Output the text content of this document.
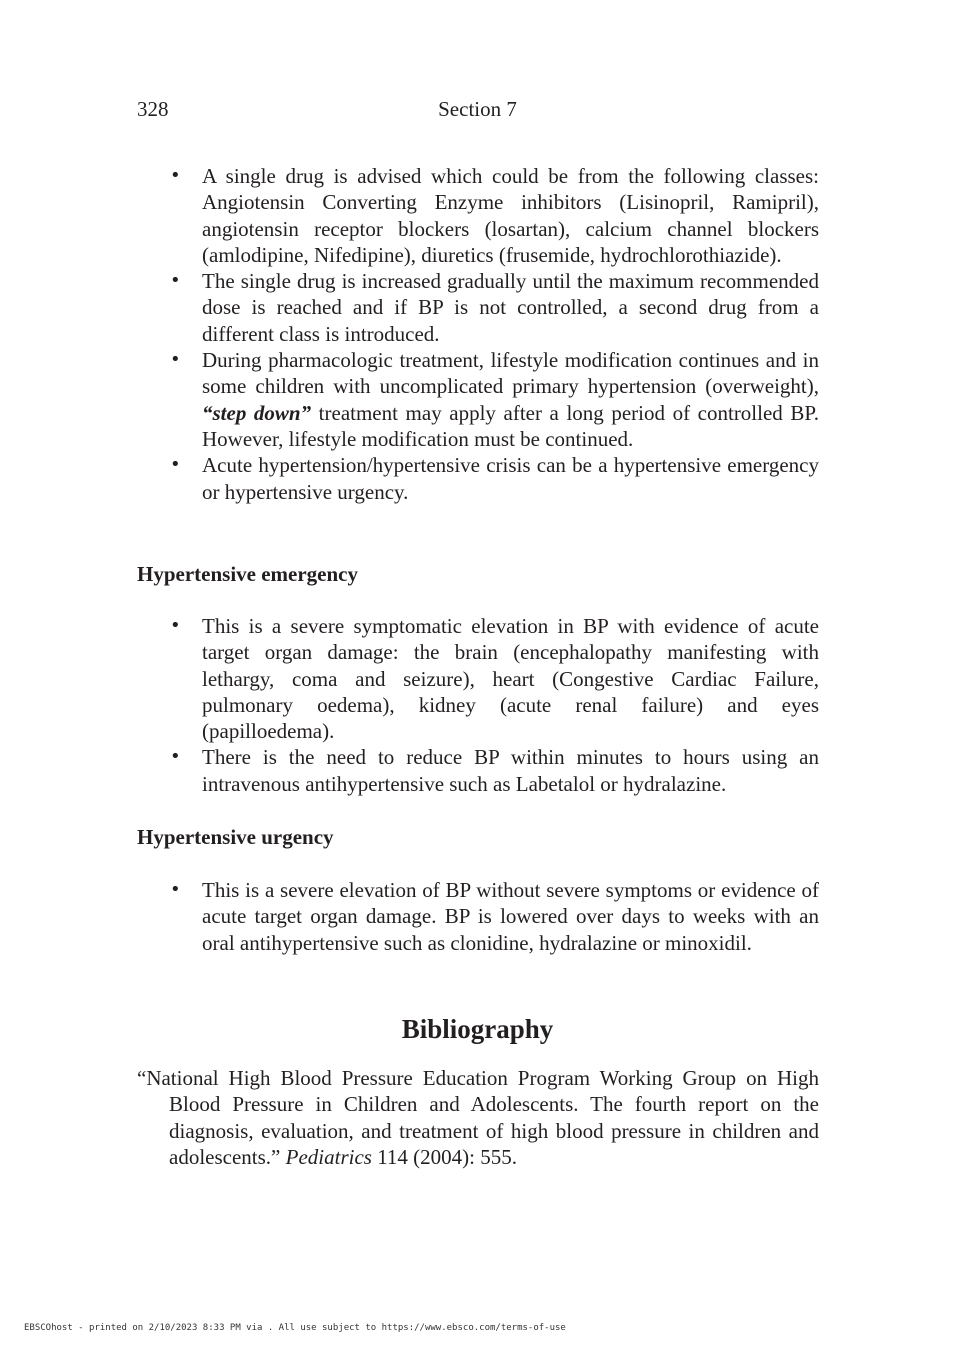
328	Section 7
• A single drug is advised which could be from the following classes: Angiotensin Converting Enzyme inhibitors (Lisinopril, Ramipril), angiotensin receptor blockers (losartan), calcium channel blockers (amlodipine, Nifedipine), diuretics (frusemide, hydrochlorothiazide).
• The single drug is increased gradually until the maximum recommended dose is reached and if BP is not controlled, a second drug from a different class is introduced.
• During pharmacologic treatment, lifestyle modification continues and in some children with uncomplicated primary hypertension (overweight), “step down” treatment may apply after a long period of controlled BP. However, lifestyle modification must be continued.
• Acute hypertension/hypertensive crisis can be a hypertensive emergency or hypertensive urgency.
Hypertensive emergency
• This is a severe symptomatic elevation in BP with evidence of acute target organ damage: the brain (encephalopathy manifesting with lethargy, coma and seizure), heart (Congestive Cardiac Failure, pulmonary oedema), kidney (acute renal failure) and eyes (papilloedema).
• There is the need to reduce BP within minutes to hours using an intravenous antihypertensive such as Labetalol or hydralazine.
Hypertensive urgency
• This is a severe elevation of BP without severe symptoms or evidence of acute target organ damage. BP is lowered over days to weeks with an oral antihypertensive such as clonidine, hydralazine or minoxidil.
Bibliography
“National High Blood Pressure Education Program Working Group on High Blood Pressure in Children and Adolescents. The fourth report on the diagnosis, evaluation, and treatment of high blood pressure in children and adolescents.” Pediatrics 114 (2004): 555.
EBSCOhost - printed on 2/10/2023 8:33 PM via . All use subject to https://www.ebsco.com/terms-of-use
